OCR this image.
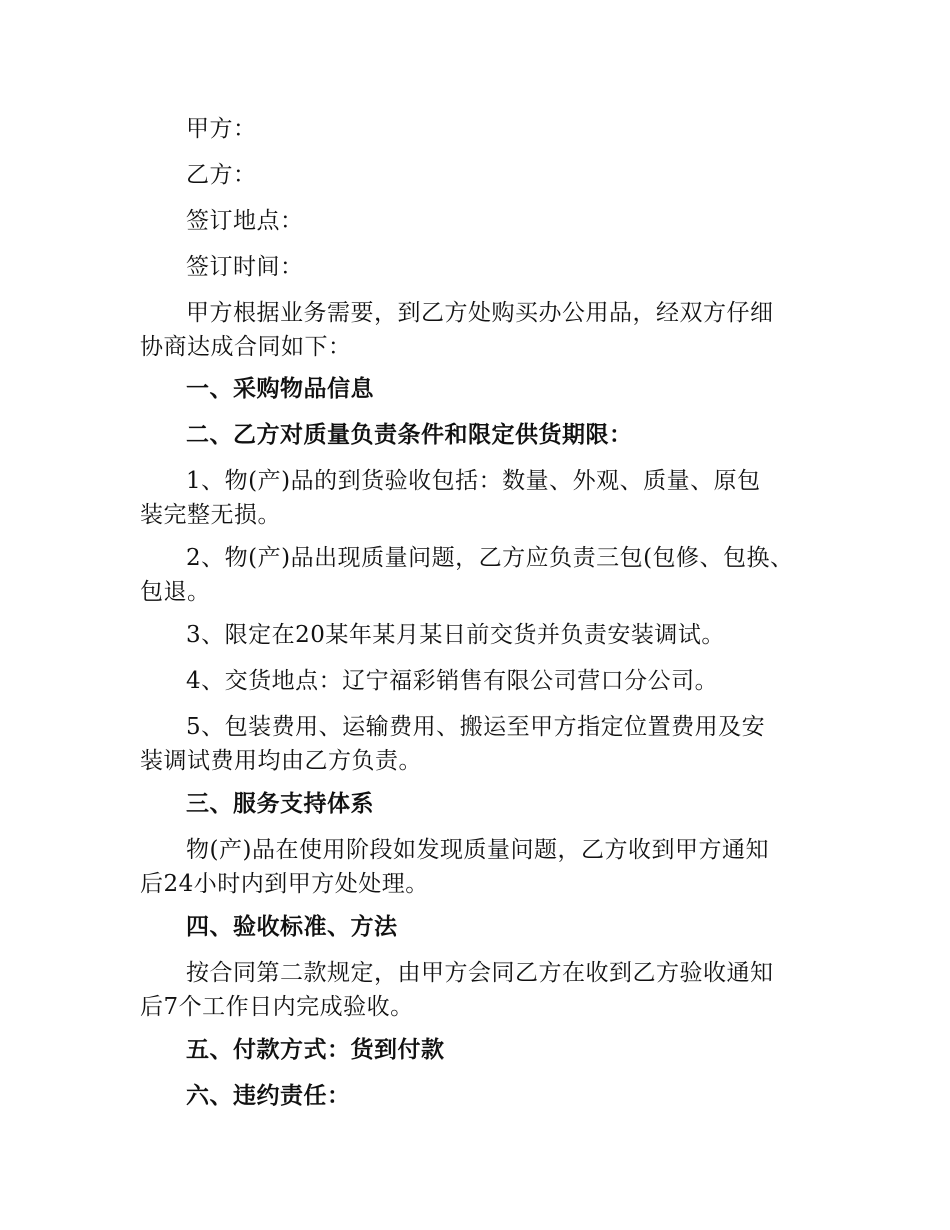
甲方：

乙方：

签订地点：

签订时间：

甲方根据业务需要，到乙方处购买办公用品，经双方仔细
协商达成合同如下：

一、采购物品信息

二、乙方对质量负责条件和限定供货期限：

1、物(产)品的到货验收包括：数量、外观、质量、原包
装完整无损。

2、物(产)品出现质量问题，乙方应负责三包(包修、包换、
包退。

3、限定在20某年某月某日前交货并负责安装调试。

4、交货地点：辽宁福彩销售有限公司营口分公司。

5、包装费用、运输费用、搬运至甲方指定位置费用及安
装调试费用均由乙方负责。

三、服务支持体系

物(产)品在使用阶段如发现质量问题，乙方收到甲方通知
后24小时内到甲方处处理。

四、验收标准、方法

按合同第二款规定，由甲方会同乙方在收到乙方验收通知
后7个工作日内完成验收。

五、付款方式：货到付款

六、违约责任：
